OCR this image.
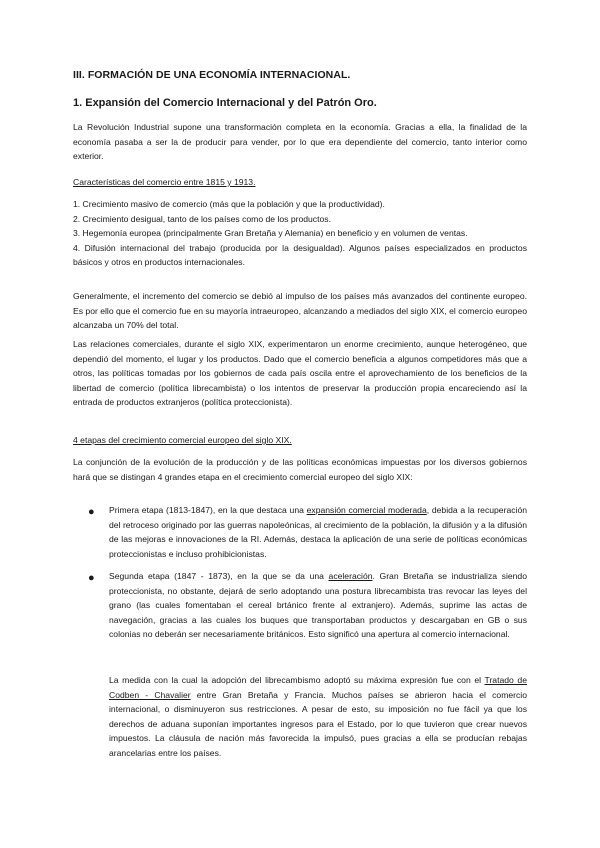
III. FORMACIÓN DE UNA ECONOMÍA INTERNACIONAL.
1. Expansión del Comercio Internacional y del Patrón Oro.
La Revolución Industrial supone una transformación completa en la economía. Gracias a ella, la finalidad de la economía pasaba a ser la de producir para vender, por lo que era dependiente del comercio, tanto interior como exterior.
Características del comercio entre 1815 y 1913.
1. Crecimiento masivo de comercio (más que la población y que la productividad).
2. Crecimiento desigual, tanto de los países como de los productos.
3. Hegemonía europea (principalmente Gran Bretaña y Alemania) en beneficio y en volumen de ventas.
4. Difusión internacional del trabajo (producida por la desigualdad). Algunos países especializados en productos básicos y otros en productos internacionales.
Generalmente, el incremento del comercio se debió al impulso de los países más avanzados del continente europeo. Es por ello que el comercio fue en su mayoría intraeuropeo, alcanzando a mediados del siglo XIX, el comercio europeo alcanzaba un 70% del total.
Las relaciones comerciales, durante el siglo XIX, experimentaron un enorme crecimiento, aunque heterogéneo, que dependió del momento, el lugar y los productos. Dado que el comercio beneficia a algunos competidores más que a otros, las políticas tomadas por los gobiernos de cada país oscila entre el aprovechamiento de los beneficios de la libertad de comercio (política librecambista) o los intentos de preservar la producción propia encareciendo así la entrada de productos extranjeros (política proteccionista).
4 etapas del crecimiento comercial europeo del siglo XIX.
La conjunción de la evolución de la producción y de las políticas económicas impuestas por los diversos gobiernos hará que se distingan 4 grandes etapa en el crecimiento comercial europeo del siglo XIX:
● Primera etapa (1813-1847), en la que destaca una expansión comercial moderada, debida a la recuperación del retroceso originado por las guerras napoleónicas, al crecimiento de la población, la difusión y a la difusión de las mejoras e innovaciones de la RI. Además, destaca la aplicación de una serie de políticas económicas proteccionistas e incluso prohibicionistas.
● Segunda etapa (1847 - 1873), en la que se da una aceleración. Gran Bretaña se industrializa siendo proteccionista, no obstante, dejará de serlo adoptando una postura librecambista tras revocar las leyes del grano (las cuales fomentaban el cereal brtánico frente al extranjero). Además, suprime las actas de navegación, gracias a las cuales los buques que transportaban productos y descargaban en GB o sus colonias no deberán ser necesariamente británicos. Esto significó una apertura al comercio internacional.
La medida con la cual la adopción del librecambismo adoptó su máxima expresión fue con el Tratado de Codben - Chavalier entre Gran Bretaña y Francia. Muchos países se abrieron hacia el comercio internacional, o disminuyeron sus restricciones. A pesar de esto, su imposición no fue fácil ya que los derechos de aduana suponían importantes ingresos para el Estado, por lo que tuvieron que crear nuevos impuestos. La cláusula de nación más favorecida la impulsó, pues gracias a ella se producían rebajas arancelarias entre los países.
